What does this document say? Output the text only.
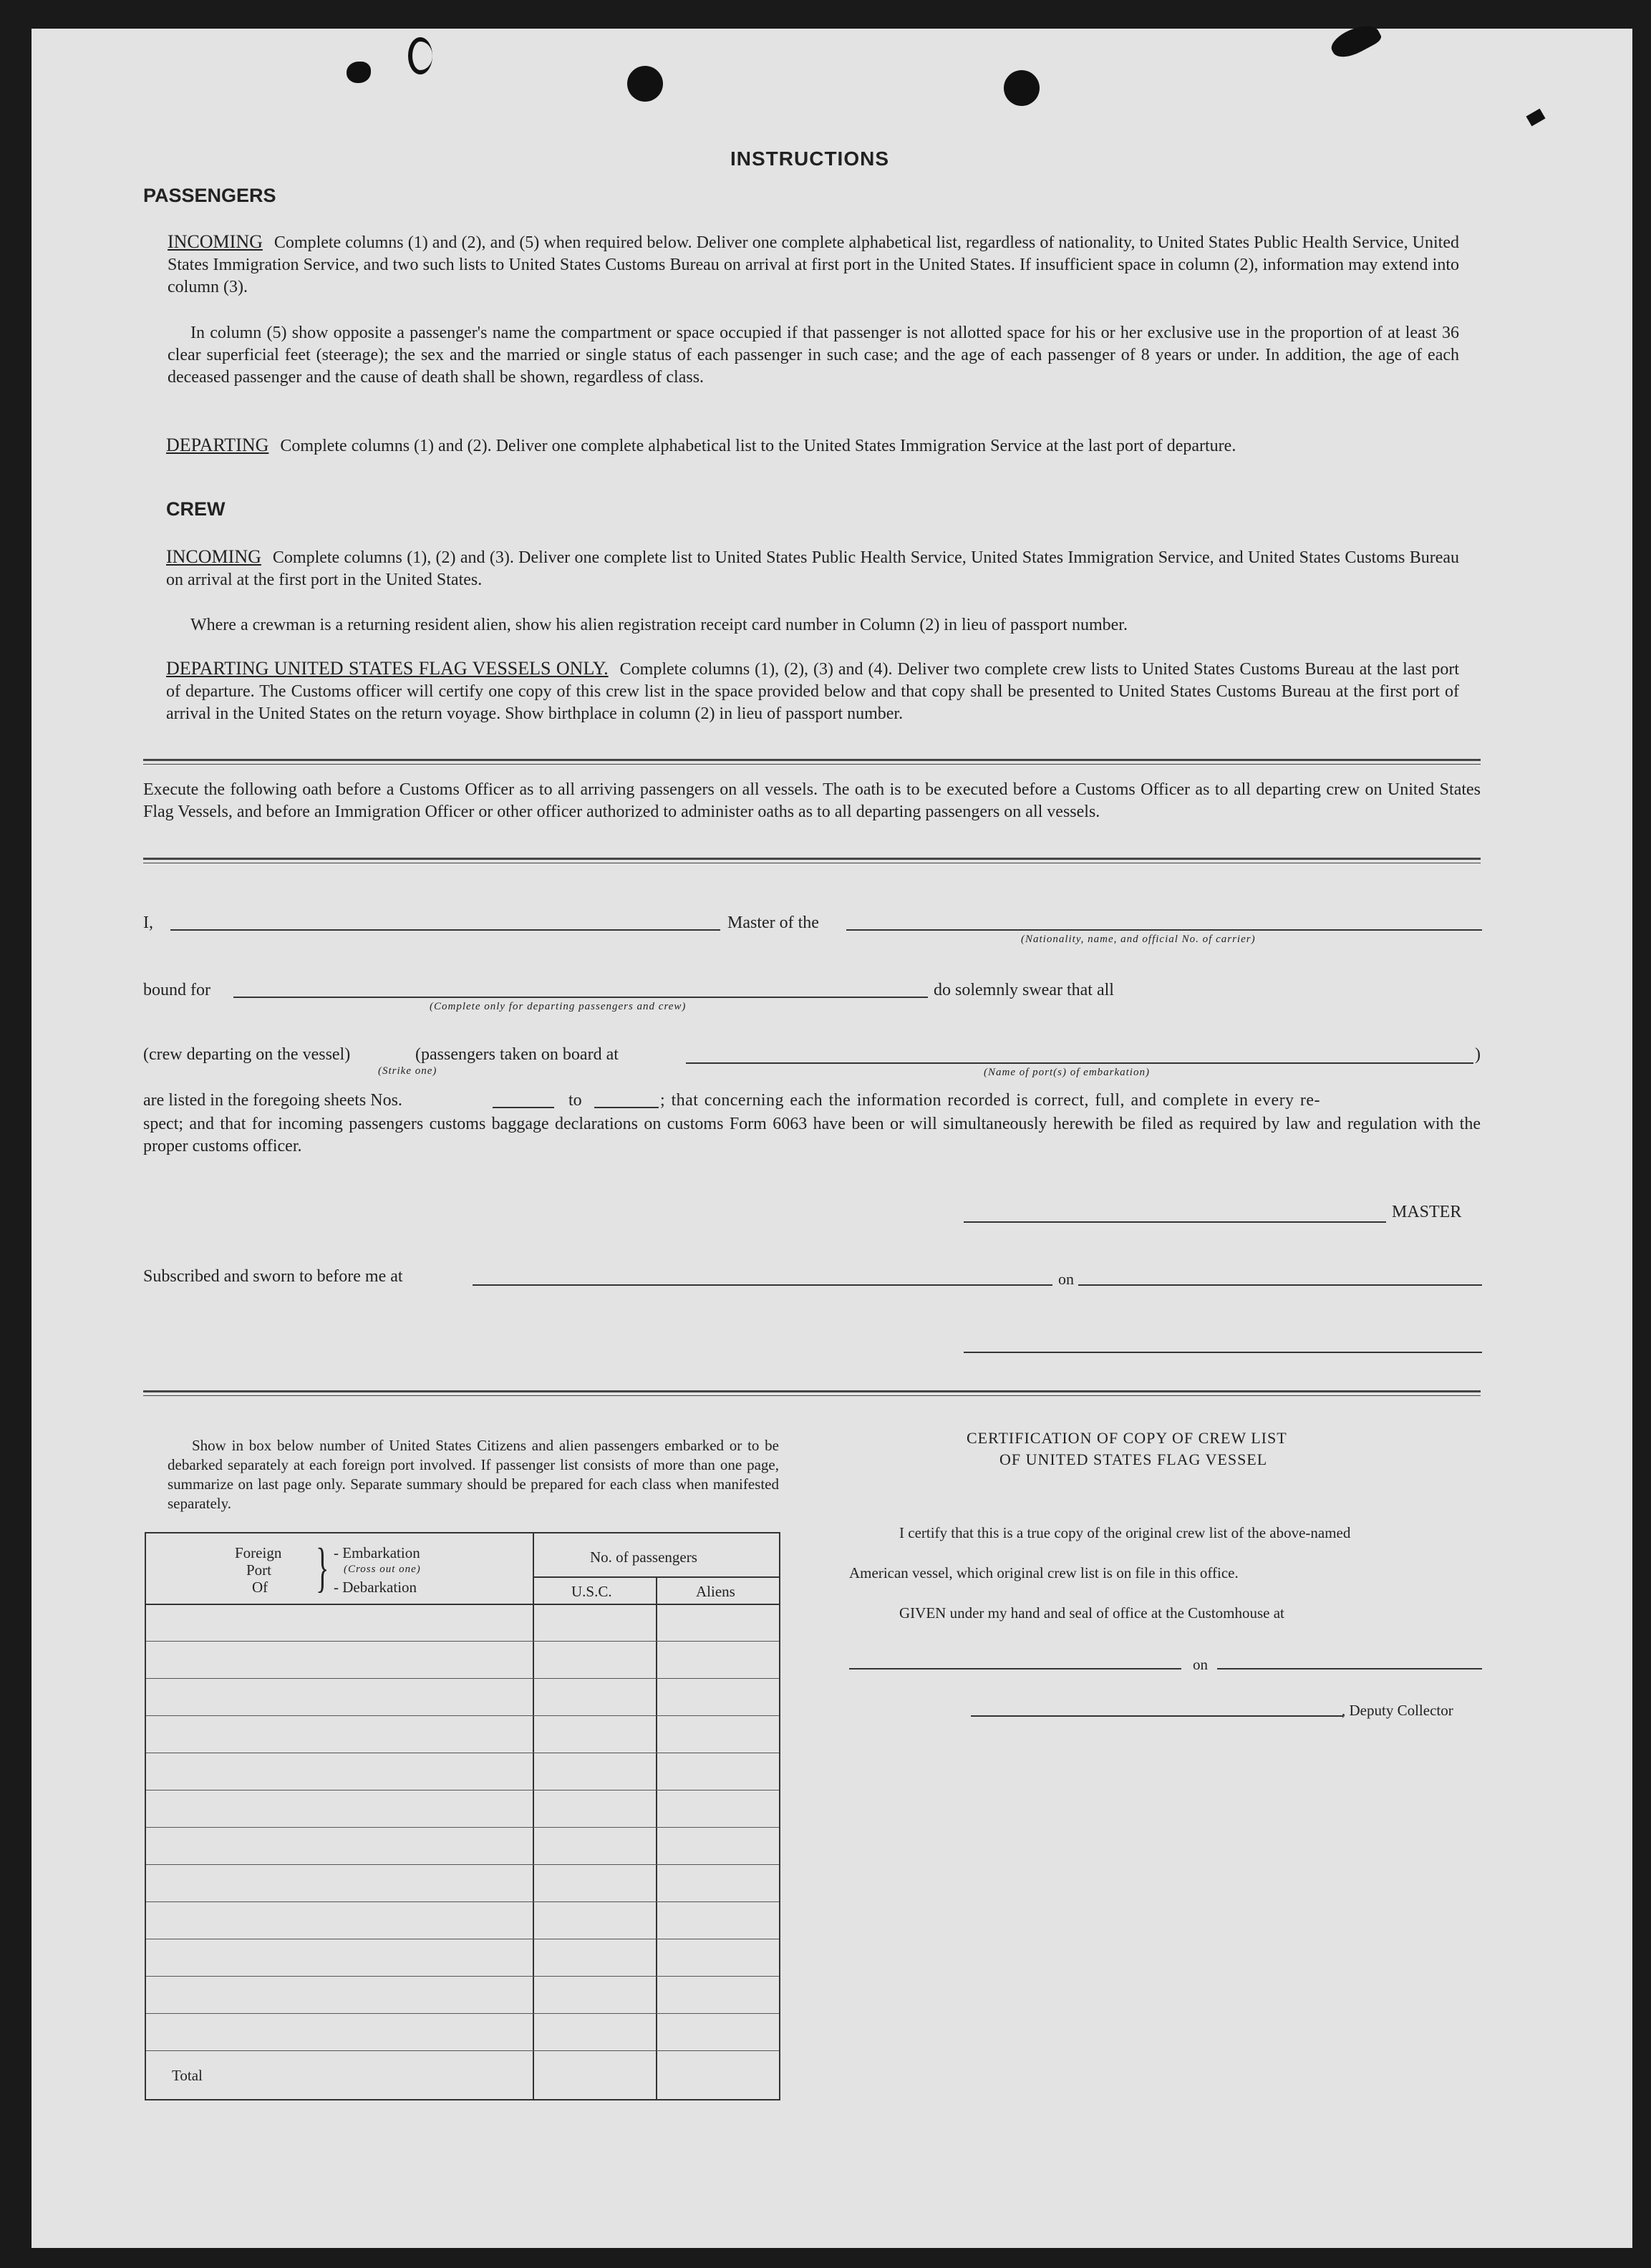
INSTRUCTIONS
PASSENGERS
INCOMING Complete columns (1) and (2), and (5) when required below. Deliver one complete alphabetical list, regardless of nationality, to United States Public Health Service, United States Immigration Service, and two such lists to United States Customs Bureau on arrival at first port in the United States. If insufficient space in column (2), information may extend into column (3).
In column (5) show opposite a passenger's name the compartment or space occupied if that passenger is not allotted space for his or her exclusive use in the proportion of at least 36 clear superficial feet (steerage); the sex and the married or single status of each passenger in such case; and the age of each passenger of 8 years or under. In addition, the age of each deceased passenger and the cause of death shall be shown, regardless of class.
DEPARTING Complete columns (1) and (2). Deliver one complete alphabetical list to the United States Immigration Service at the last port of departure.
CREW
INCOMING Complete columns (1), (2) and (3). Deliver one complete list to United States Public Health Service, United States Immigration Service, and United States Customs Bureau on arrival at the first port in the United States.
Where a crewman is a returning resident alien, show his alien registration receipt card number in Column (2) in lieu of passport number.
DEPARTING UNITED STATES FLAG VESSELS ONLY. Complete columns (1), (2), (3) and (4). Deliver two complete crew lists to United States Customs Bureau at the last port of departure. The Customs officer will certify one copy of this crew list in the space provided below and that copy shall be presented to United States Customs Bureau at the first port of arrival in the United States on the return voyage. Show birthplace in column (2) in lieu of passport number.
Execute the following oath before a Customs Officer as to all arriving passengers on all vessels. The oath is to be executed before a Customs Officer as to all departing crew on United States Flag Vessels, and before an Immigration Officer or other officer authorized to administer oaths as to all departing passengers on all vessels.
I,	Master of the
(Nationality, name, and official No. of carrier)
bound for
(Complete only for departing passengers and crew)
do solemnly swear that all
(crew departing on the vessel)
(Strike one)
(passengers taken on board at	)
(Name of port(s) of embarkation)
are listed in the foregoing sheets Nos.	to	; that concerning each the information recorded is correct, full, and complete in every re-
spect; and that for incoming passengers customs baggage declarations on customs Form 6063 have been or will simultaneously herewith be filed as required by law and regulation with the proper customs officer.
MASTER
Subscribed and sworn to before me at	on
Show in box below number of United States Citizens and alien passengers embarked or to be debarked separately at each foreign port involved. If passenger list consists of more than one page, summarize on last page only. Separate summary should be prepared for each class when manifested separately.
Foreign
Port
Of } - Embarkation
(Cross out one)
- Debarkation
No. of passengers
U.S.C.	Aliens
Total
CERTIFICATION OF COPY OF CREW LIST
OF UNITED STATES FLAG VESSEL
I certify that this is a true copy of the original crew list of the above-named
American vessel, which original crew list is on file in this office.
GIVEN under my hand and seal of office at the Customhouse at
on
, Deputy Collector
